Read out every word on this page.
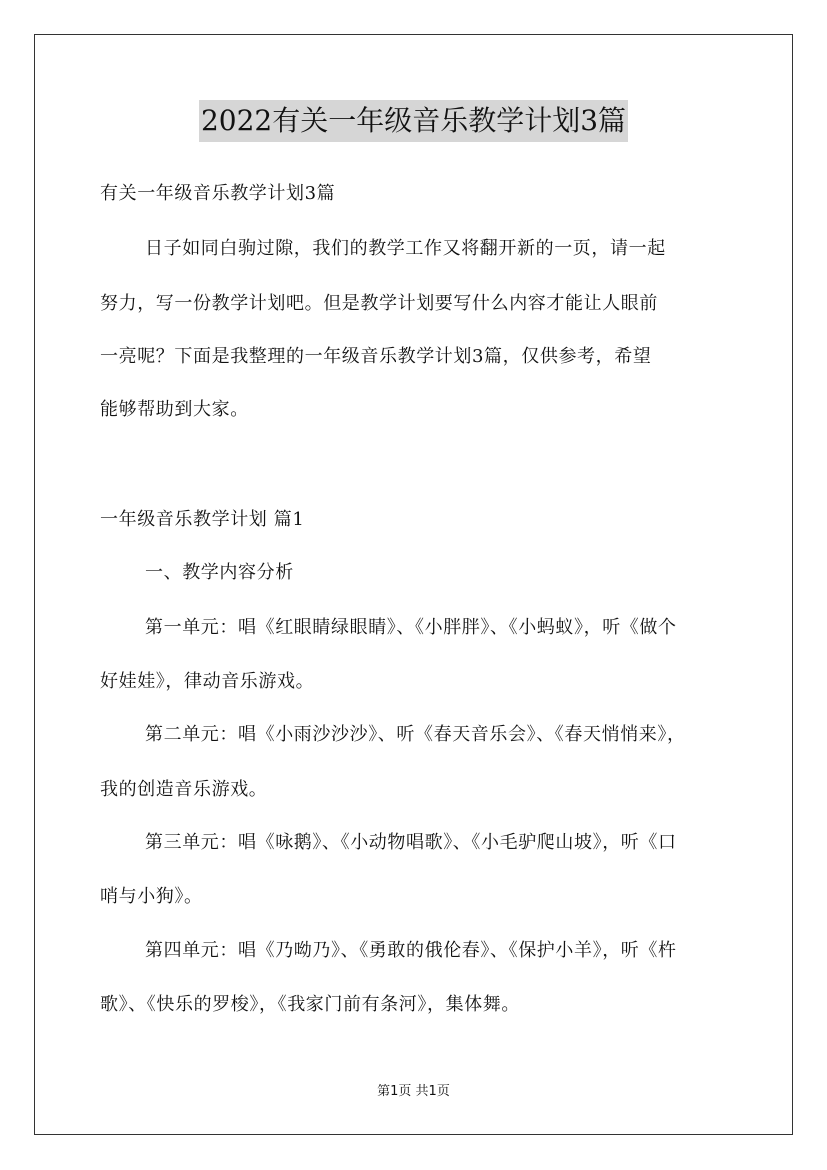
2022有关一年级音乐教学计划3篇
有关一年级音乐教学计划3篇
日子如同白驹过隙，我们的教学工作又将翻开新的一页，请一起
努力，写一份教学计划吧。但是教学计划要写什么内容才能让人眼前
一亮呢？下面是我整理的一年级音乐教学计划3篇，仅供参考，希望
能够帮助到大家。
一年级音乐教学计划 篇1
一、教学内容分析
第一单元：唱《红眼睛绿眼睛》、《小胖胖》、《小蚂蚁》，听《做个
好娃娃》，律动音乐游戏。
第二单元：唱《小雨沙沙沙》、听《春天音乐会》、《春天悄悄来》，
我的创造音乐游戏。
第三单元：唱《咏鹅》、《小动物唱歌》、《小毛驴爬山坡》，听《口
哨与小狗》。
第四单元：唱《乃呦乃》、《勇敢的俄伦春》、《保护小羊》，听《杵
歌》、《快乐的罗梭》，《我家门前有条河》，集体舞。
第1页 共1页
